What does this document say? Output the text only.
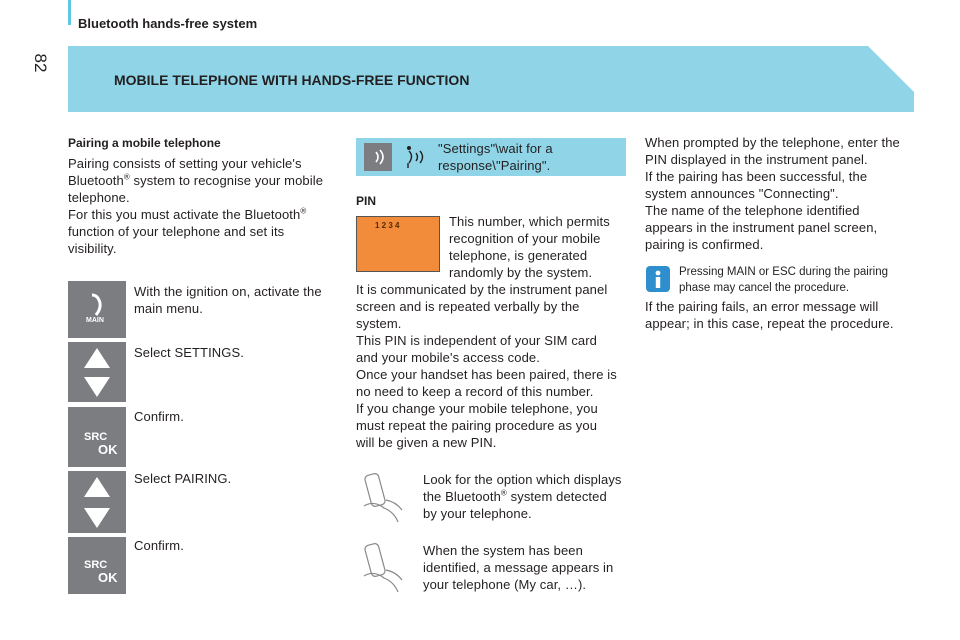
82
Bluetooth hands-free system
MOBILE TELEPHONE WITH HANDS-FREE FUNCTION
Pairing a mobile telephone
Pairing consists of setting your vehicle's
Bluetooth® system to recognise your mobile
telephone.
For this you must activate the Bluetooth®
function of your telephone and set its
visibility.
MAIN
With the ignition on, activate the
main menu.
Select SETTINGS.
SRC
OK
Confirm.
Select PAIRING.
SRC
OK
Confirm.
"Settings"\wait for a
response\"Pairing".
PIN
1 2 3 4	This number, which permits
recognition of your mobile
telephone, is generated
randomly by the system.
It is communicated by the instrument panel
screen and is repeated verbally by the
system.
This PIN is independent of your SIM card
and your mobile's access code.
Once your handset has been paired, there is
no need to keep a record of this number.
If you change your mobile telephone, you
must repeat the pairing procedure as you
will be given a new PIN.
Look for the option which displays
the Bluetooth® system detected
by your telephone.
When the system has been
identified, a message appears in
your telephone (My car, …).
When prompted by the telephone, enter the
PIN displayed in the instrument panel.
If the pairing has been successful, the
system announces "Connecting".
The name of the telephone identified
appears in the instrument panel screen,
pairing is confirmed.
Pressing MAIN or ESC during the pairing
phase may cancel the procedure.
If the pairing fails, an error message will
appear; in this case, repeat the procedure.
